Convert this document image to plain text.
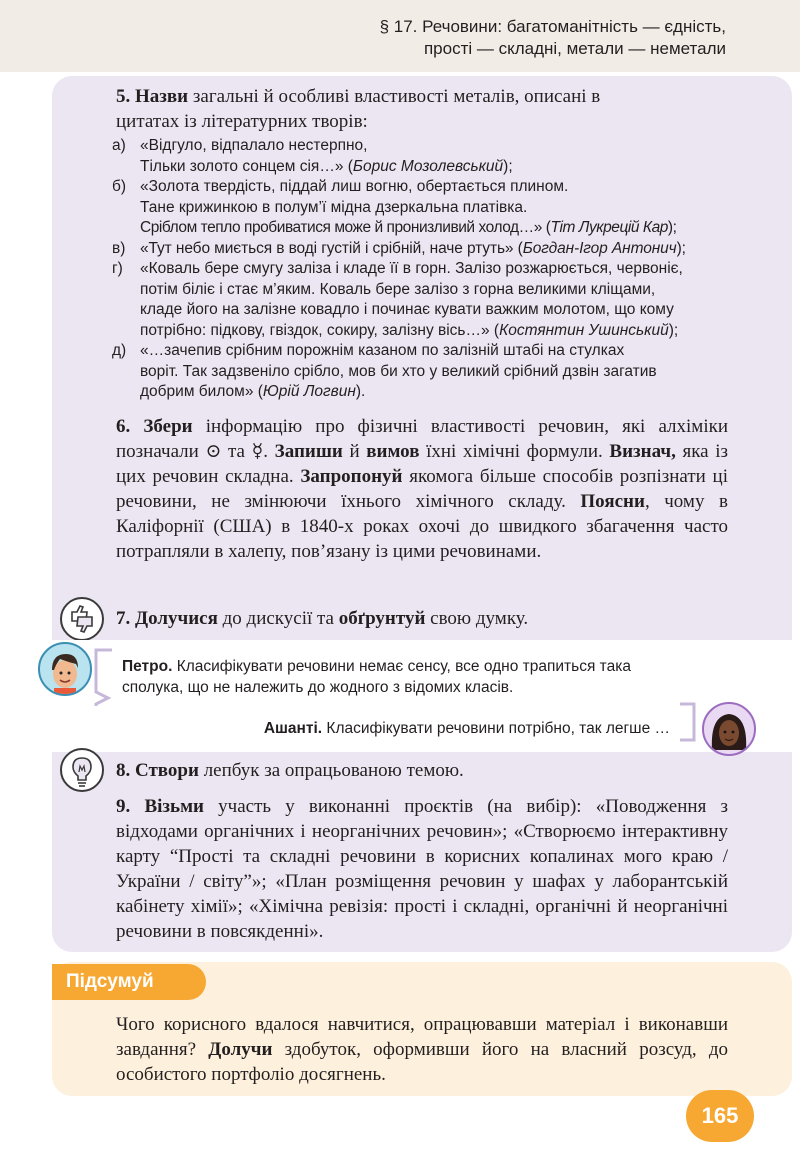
§ 17. Речовини: багатоманітність — єдність,
прості — складні, метали — неметали
5. Назви загальні й особливі властивості металів, описані в
цитатах із літературних творів:
а) «Відгуло, відпалало нестерпно,
Тільки золото сонцем сія…» (Борис Мозолевський);
б) «Золота твердість, піддай лиш вогню, обертається плином.
Тане крижинкою в полум’ї мідна дзеркальна платівка.
Сріблом тепло пробиватися може й пронизливий холод…» (Тіт Лукрецій Кар);
в) «Тут небо миється в воді густій і срібній, наче ртуть» (Богдан-Ігор Антонич);
г) «Коваль бере смугу заліза і кладе її в горн. Залізо розжарюється, червоніє,
потім біліє і стає м’яким. Коваль бере залізо з горна великими кліщами,
кладе його на залізне ковадло і починає кувати важким молотом, що кому
потрібно: підкову, гвіздок, сокиру, залізну вісь…» (Костянтин Ушинський);
д) «…зачепив срібним порожнім казаном по залізній штабі на стулках
воріт. Так задзвеніло срібло, мов би хто у великий срібний дзвін загатив
добрим билом» (Юрій Логвин).
6. Збери інформацію про фізичні властивості речовин, які алхіміки позначали ⊙ та ☿. Запиши й вимов їхні хімічні формули. Визнач, яка із цих речовин складна. Запропонуй якомога більше способів розпізнати ці речовини, не змінюючи їхнього хімічного складу. Поясни, чому в Каліфорнії (США) в 1840-х роках охочі до швидкого збагачення часто потрапляли в халепу, пов’язану із цими речовинами.
7. Долучися до дискусії та обґрунтуй свою думку.
Петро. Класифікувати речовини немає сенсу, все одно трапиться така
сполука, що не належить до жодного з відомих класів.
Ашанті. Класифікувати речовини потрібно, так легше …
8. Створи лепбук за опрацьованою темою.
9. Візьми участь у виконанні проєктів (на вибір): «Поводження з відходами органічних і неорганічних речовин»; «Створюємо інтерактивну карту “Прості та складні речовини в корисних копалинах мого краю / України / світу”»; «План розміщення речовин у шафах у лаборантській кабінету хімії»; «Хімічна ревізія: прості і складні, органічні й неорганічні речовини в повсякденні».
Підсумуй
Чого корисного вдалося навчитися, опрацювавши матеріал і виконавши завдання? Долучи здобуток, оформивши його на власний розсуд, до особистого портфоліо досягнень.
165
